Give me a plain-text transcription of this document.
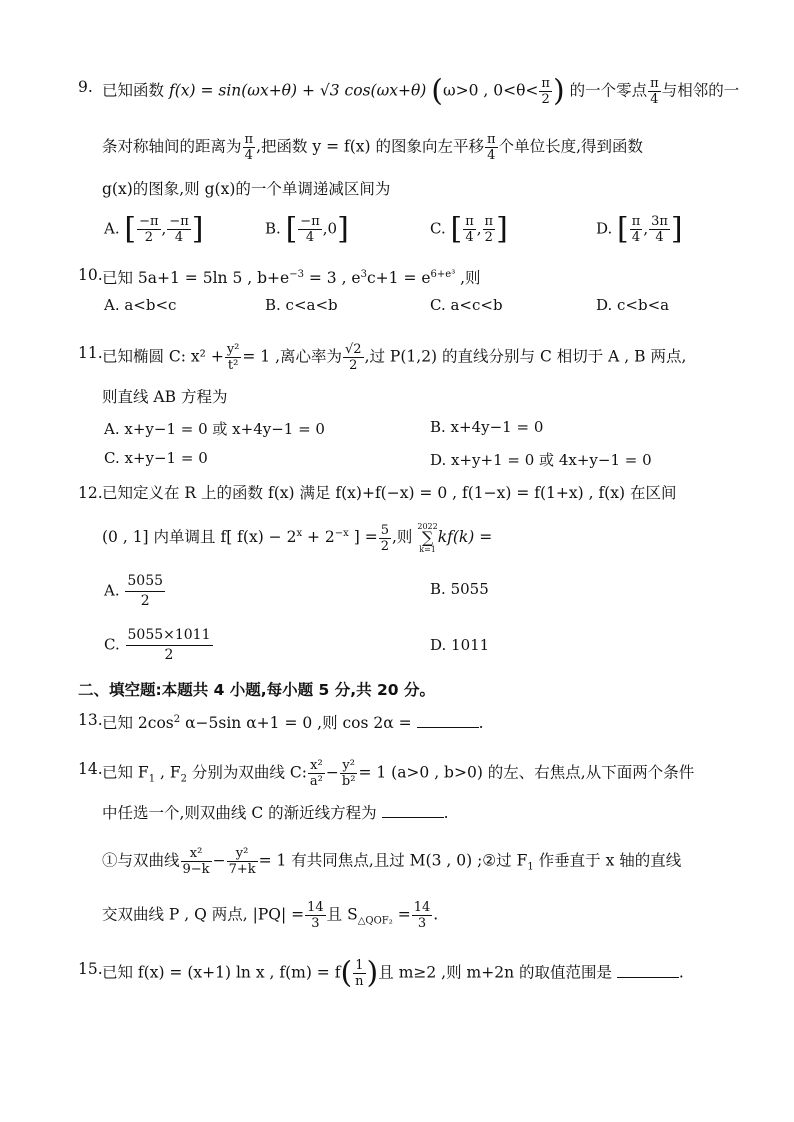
9. 已知函数 f(x) = sin(ωx+θ) + √3 cos(ωx+θ) (ω>0 , $0<\theta< \frac{\pi}{2}$ ) 的一个零点 $\frac{\pi}{4}$ 与相邻的一
条对称轴间的距离为 $\frac{\pi}{4}$ ,把函数 y = f(x) 的图象向左平移 $\frac{\pi}{4}$ 个单位长度,得到函数
g(x)的图象,则 g(x)的一个单调递减区间为
A. [ $\frac{-\pi}{2}$ , $\frac{-\pi}{4}$ ]	B. [ $\frac{-\pi}{4} ,0$]	C. [ $\frac{\pi}{4}$ , $\frac{\pi}{2}$ ]	D. [ $\frac{\pi}{4}$ , $\frac{3\pi}{4}$ ]
10. 已知 5a+1 = 5ln 5 , $b+e^{-3} = 3$ , $e^3c+1 = e^{6+e^3}$ ,则
A. a<b<c	B. c<a<b	C. a<c<b	D. c<b<a
11. 已知椭圆 C: $x^2 + \frac{\text{y²}}{\text{t²}} = 1$ ,离心率为 $\frac{√2}{2}$ ,过 P(1,2) 的直线分别与 C 相切于 A , B 两点,
则直线 AB 方程为
A. x+y−1 = 0 或 x+4y−1 = 0	B. x+4y−1 = 0
C. x+y−1 = 0	D. x+y+1 = 0 或 4x+y−1 = 0
12. 已知定义在 R 上的函数 f(x) 满足 f(x)+f(−x) = 0 , f(1−x) = f(1+x) , f(x) 在区间
(0 , 1] 内单调且 f[ $f(x) - 2^x + 2^{-x}$ ] = $\frac{5}{2}$ ,则
2022
∑
k=1
kf(k) =
A. $\frac{5055}{2}$	B. 5055
C. $\frac{5055\times 1011}{2}$	D. 1011
二、填空题:本题共 4 小题,每小题 5 分,共 20 分。
13. 已知 $2\cos^2$ α−5sin α+1 = 0 ,则 cos 2α =	.
14. 已知 $F_1$ , $F_2$ 分别为双曲线 C: $\frac{\text{x²}}{\text{a²}} - \frac{\text{y²}}{\text{b²}} = 1$ (a>0 , b>0) 的左、右焦点,从下面两个条件
中任选一个,则双曲线 C 的渐近线方程为	.
①与双曲线 $\frac{\text{x²}}{9-k} - \frac{\text{y²}}{7+k} = 1$ 有共同焦点,且过 M(3 , 0) ;②过 $F_1$ 作垂直于 x 轴的直线
交双曲线 P , Q 两点, $|PQ| = \frac{14}{3}$ 且 $S_{\triangle QOF_2} = \frac{14}{3}$ .
15. 已知 f(x) = (x+1) ln x , $f(m) = f( \frac{1}{n}$ )且 m≥2 ,则 m+2n 的取值范围是	.
